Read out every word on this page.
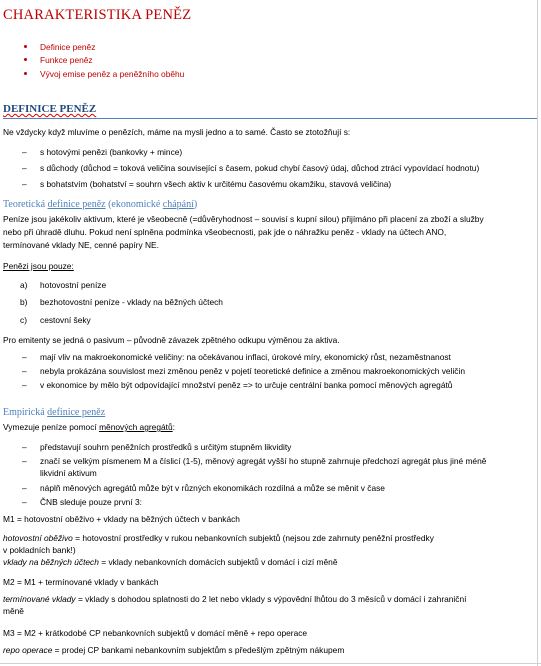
CHARAKTERISTIKA PENĚZ
Definice peněz
Funkce peněz
Vývoj emise peněz a peněžního oběhu
DEFINICE PENĚZ
Ne vždycky když mluvíme o penězích, máme na mysli jedno a to samé. Často se ztotožňují s:
– s hotovými penězi (bankovky + mince)
– s důchody (důchod = toková veličina související s časem, pokud chybí časový údaj, důchod ztrácí vypovídací hodnotu)
– s bohatstvím (bohatství = souhrn všech aktiv k určitému časovému okamžiku, stavová veličina)
Teoretická definice peněz (ekonomické chápání)
Peníze jsou jakékoliv aktivum, které je všeobecně (=důvěryhodnost – souvisí s kupní silou) přijímáno při placení za zboží a služby
nebo při úhradě dluhu. Pokud není splněna podmínka všeobecnosti, pak jde o náhražku peněz - vklady na účtech ANO,
termínované vklady NE, cenné papíry NE.
Penězi jsou pouze:
a) hotovostní peníze
b) bezhotovostní peníze - vklady na běžných účtech
c) cestovní šeky
Pro emitenty se jedná o pasivum – původně závazek zpětného odkupu výměnou za aktiva.
– mají vliv na makroekonomické veličiny: na očekávanou inflaci, úrokové míry, ekonomický růst, nezaměstnanost
– nebyla prokázána souvislost mezi změnou peněz v pojetí teoretické definice a změnou makroekonomických veličin
– v ekonomice by mělo být odpovídající množství peněz => to určuje centrální banka pomocí měnových agregátů
Empirická definice peněz
Vymezuje peníze pomocí měnových agregátů:
– představují souhrn peněžních prostředků s určitým stupněm likvidity
– značí se velkým písmenem M a číslicí (1-5), měnový agregát vyšší ho stupně zahrnuje předchozí agregát plus jiné méně
likvidní aktivum
– náplň měnových agregátů může být v různých ekonomikách rozdílná a může se měnit v čase
– ČNB sleduje pouze první 3:
M1 = hotovostní oběživo + vklady na běžných účtech v bankách
hotovostní oběživo = hotovostní prostředky v rukou nebankovních subjektů (nejsou zde zahrnuty peněžní prostředky
v pokladních bank!)
vklady na běžných účtech = vklady nebankovních domácích subjektů v domácí i cizí měně
M2 = M1 + termínované vklady v bankách
termínované vklady = vklady s dohodou splatnosti do 2 let nebo vklady s výpovědní lhůtou do 3 měsíců v domácí i zahraniční
měně
M3 = M2 + krátkodobé CP nebankovních subjektů v domácí měně + repo operace
repo operace = prodej CP bankami nebankovním subjektům s předešlým zpětným nákupem
